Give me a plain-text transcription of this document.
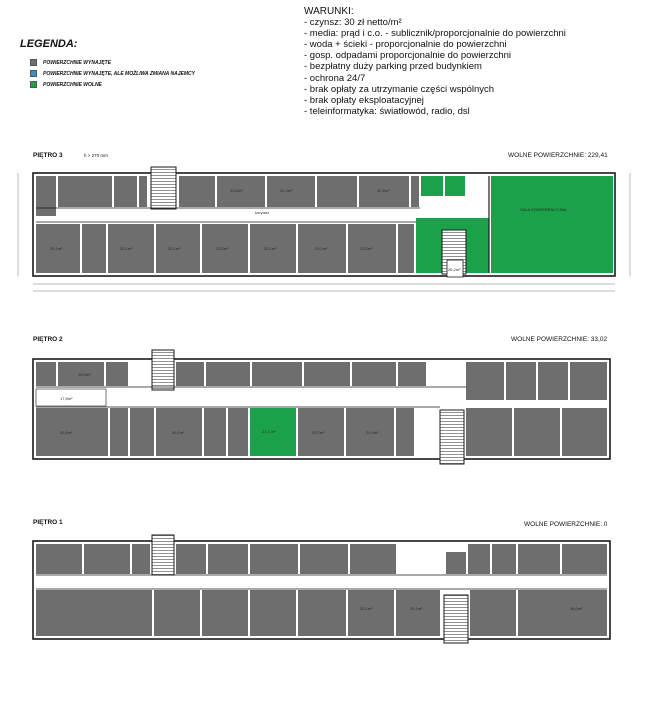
LEGENDA:
POWIERZCHNIE WYNAJĘTE
POWIERZCHNIE WYNAJĘTE, ALE MOŻLIWA ZMIANA NAJEMCY
POWIERZCHNIE WOLNE
WARUNKI:
- czynsz: 30 zł netto/m²
- media: prąd i c.o. - sublicznik/proporcjonalnie do powierzchni
- woda + ścieki - proporcjonalnie do powierzchni
- gosp. odpadami proporcjonalnie do powierzchni
- bezpłatny duży parking przed budynkiem
- ochrona 24/7
- brak opłaty za utrzymanie części wspólnych
- brak opłaty eksploatacyjnej
- teleinformatyka: światłowód, radio, dsl
PIĘTRO 3	h > 270 mm	WOLNE POWIERZCHNIE: 229,41
PIĘTRO 2	WOLNE POWIERZCHNIE: 33,02
PIĘTRO 1	WOLNE POWIERZCHNIE: 0
22,6m²	22,4m²	32,5m²
korytarz
25,1m²	20,1m²	20,1m²	22,0m²	20,1m²	20,1m²	23,3m²
26,2m²
SALA KONFERENCYJNA
17,8m²
15,0m²
32,6m²	20,1m²	21,1 m²	20,7m²	21,0m²
20,1m²	20,1m²	36,0m²
